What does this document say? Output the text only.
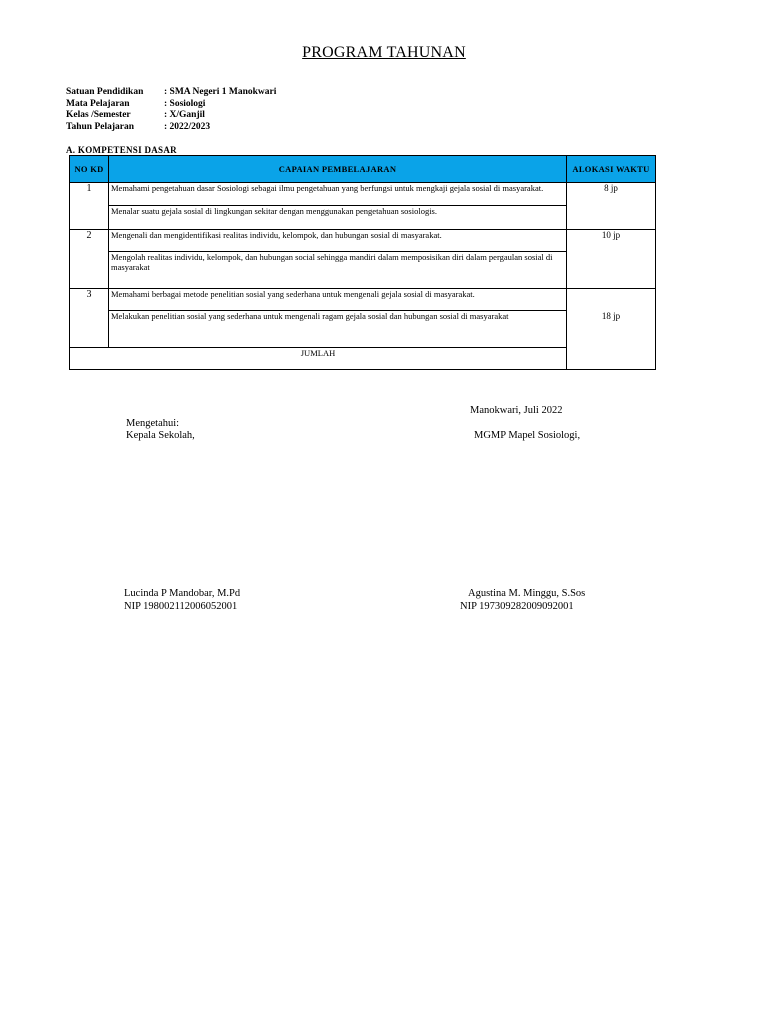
PROGRAM TAHUNAN
Satuan Pendidikan : SMA Negeri 1 Manokwari
Mata Pelajaran	: Sosiologi
Kelas /Semester	: X/Ganjil
Tahun Pelajaran	: 2022/2023
A. KOMPETENSI DASAR
NO KD	CAPAIAN PEMBELAJARAN	ALOKASI WAKTU
1	Memahami pengetahuan dasar Sosiologi sebagai ilmu pengetahuan yang berfungsi untuk mengkaji gejala sosial di masyarakat.	8 jp
	Menalar suatu gejala sosial di lingkungan sekitar dengan menggunakan pengetahuan sosiologis.	
2	Mengenali dan mengidentifikasi realitas individu, kelompok, dan hubungan sosial di masyarakat.	10 jp
	Mengolah realitas individu, kelompok, dan hubungan social sehingga mandiri dalam memposisikan diri dalam pergaulan sosial di masyarakat	
3	Memahami berbagai metode penelitian sosial yang sederhana untuk mengenali gejala sosial di masyarakat.	18 jp
	Melakukan penelitian sosial yang sederhana untuk mengenali ragam gejala sosial dan hubungan sosial di masyarakat	
JUMLAH		
Manokwari, Juli 2022
Mengetahui:
Kepala Sekolah,	MGMP Mapel Sosiologi,
Lucinda P Mandobar, M.Pd
NIP 198002112006052001
Agustina M. Minggu, S.Sos
NIP 197309282009092001
